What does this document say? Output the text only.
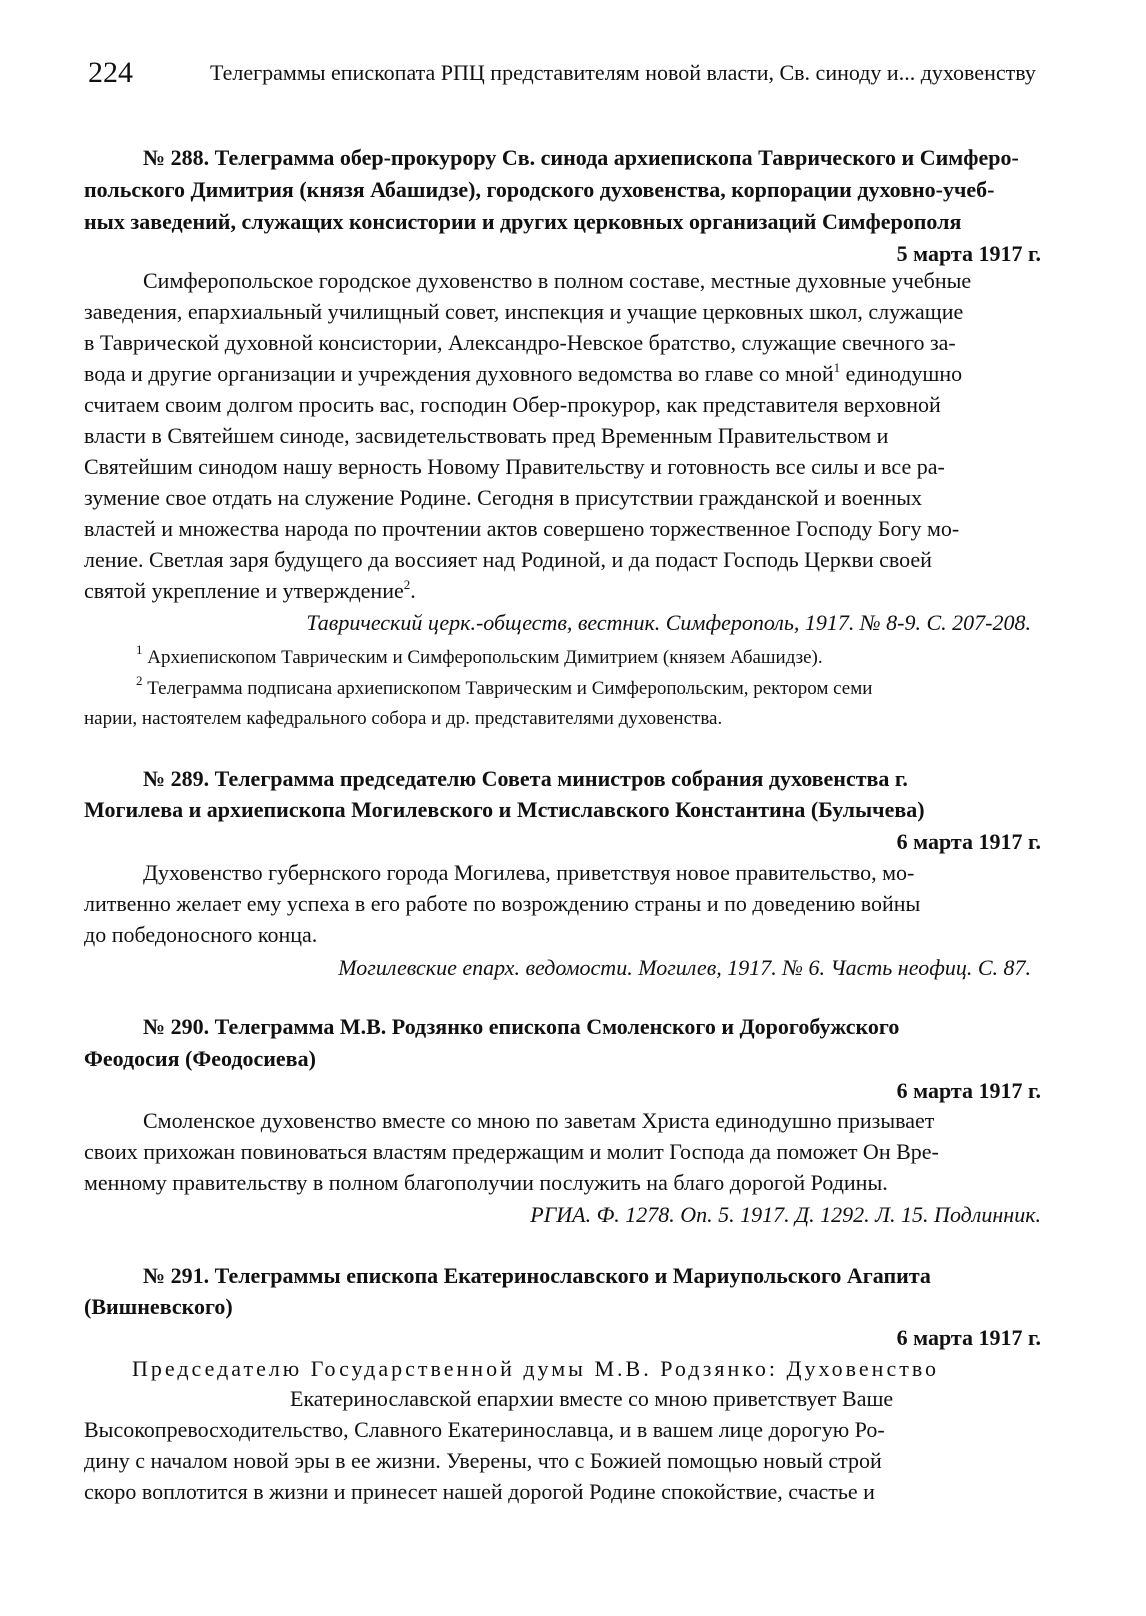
224	Телеграммы епископата РПЦ представителям новой власти, Св. синоду и... духовенству
№ 288. Телеграмма обер-прокурору Св. синода архиепископа Таврического и Симферо-
польского Димитрия (князя Абашидзе), городского духовенства, корпорации духовно-учеб-
ных заведений, служащих консистории и других церковных организаций Симферополя
5 марта 1917 г.
Симферопольское городское духовенство в полном составе, местные духовные учебные
заведения, епархиальный училищный совет, инспекция и учащие церковных школ, служащие
в Таврической духовной консистории, Александро-Невское братство, служащие свечного за-
вода и другие организации и учреждения духовного ведомства во главе со мной$^1$ единодушно
считаем своим долгом просить вас, господин Обер-прокурор, как представителя верховной
власти в Святейшем синоде, засвидетельствовать пред Временным Правительством и
Святейшим синодом нашу верность Новому Правительству и готовность все силы и все ра-
зумение свое отдать на служение Родине. Сегодня в присутствии гражданской и военных
властей и множества народа по прочтении актов совершено торжественное Господу Богу мо-
ление. Светлая заря будущего да воссияет над Родиной, и да подаст Господь Церкви своей
святой укрепление и утверждение$^2$.
Таврический церк.-обществ, вестник. Симферополь, 1917. № 8-9. С. 207-208.
$^1$ Архиепископом Таврическим и Симферопольским Димитрием (князем Абашидзе).
$^2$ Телеграмма подписана архиепископом Таврическим и Симферопольским, ректором семи
нарии, настоятелем кафедрального собора и др. представителями духовенства.
№ 289. Телеграмма председателю Совета министров собрания духовенства г.
Могилева и архиепископа Могилевского и Мстиславского Константина (Булычева)
6 марта 1917 г.
Духовенство губернского города Могилева, приветствуя новое правительство, мо-
литвенно желает ему успеха в его работе по возрождению страны и по доведению войны
до победоносного конца.
Могилевские епарх. ведомости. Могилев, 1917. № 6. Часть неофиц. С. 87.
№ 290. Телеграмма М.В. Родзянко епископа Смоленского и Дорогобужского
Феодосия (Феодосиева)
6 марта 1917 г.
Смоленское духовенство вместе со мною по заветам Христа единодушно призывает
своих прихожан повиноваться властям предержащим и молит Господа да поможет Он Вре-
менному правительству в полном благополучии послужить на благо дорогой Родины.
РГИА. Ф. 1278. Оп. 5. 1917. Д. 1292. Л. 15. Подлинник.
№ 291. Телеграммы епископа Екатеринославского и Мариупольского Агапита
(Вишневского)
6 марта 1917 г.
Председателю Государственной думы М.В. Родзянко: Духовенство
Екатеринославской епархии вместе со мною приветствует Ваше
Высокопревосходительство, Славного Екатеринославца, и в вашем лице дорогую Ро-
дину с началом новой эры в ее жизни. Уверены, что с Божией помощью новый строй
скоро воплотится в жизни и принесет нашей дорогой Родине спокойствие, счастье и
